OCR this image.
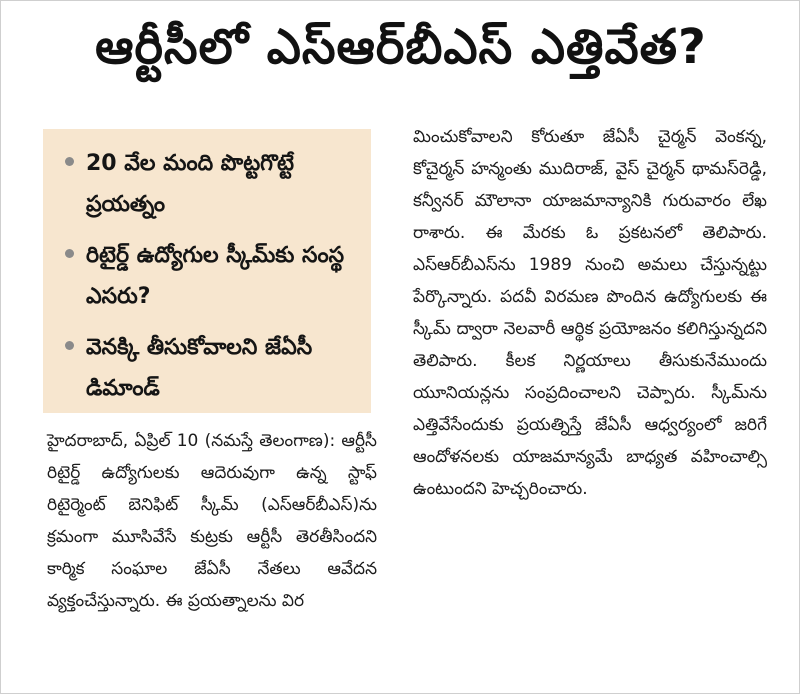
ఆర్టీసీలో ఎస్ఆర్‌బీఎస్ ఎత్తివేత?
20 వేల మంది పొట్టగొట్టే ప్రయత్నం
రిటైర్డ్ ఉద్యోగుల స్కీమ్‌కు సంస్థ ఎసరు?
వెనక్కి తీసుకోవాలని జేఏసీ డిమాండ్
హైదరాబాద్, ఏప్రిల్ 10 (నమస్తే తెలంగాణ): ఆర్టీసీ రిటైర్డ్ ఉద్యోగులకు ఆదెరువుగా ఉన్న స్టాఫ్ రిటైర్మెంట్ బెనిఫిట్ స్కీమ్ (ఎస్ఆర్‌బీఎస్)ను క్రమంగా మూసివేసే కుట్రకు ఆర్టీసీ తెరతీసిందని కార్మిక సంఘాల జేఏసీ నేతలు ఆవేదన వ్యక్తంచేస్తున్నారు. ఈ ప్రయత్నాలను విర
మించుకోవాలని కోరుతూ జేఏసీ చైర్మన్ వెంకన్న, కోచైర్మన్ హన్మంతు ముదిరాజ్, వైస్ చైర్మన్ థామస్‌రెడ్డి, కన్వీనర్ మౌలానా యాజమాన్యానికి గురువారం లేఖ రాశారు. ఈ మేరకు ఓ ప్రకటనలో తెలిపారు. ఎస్ఆర్‌బీఎస్‌ను 1989 నుంచి అమలు చేస్తున్నట్టు పేర్కొన్నారు. పదవీ విరమణ పొందిన ఉద్యోగులకు ఈ స్కీమ్ ద్వారా నెలవారీ ఆర్థిక ప్రయోజనం కలిగిస్తున్నదని తెలిపారు. కీలక నిర్ణయాలు తీసుకునేముందు యూనియన్లను సంప్రదించాలని చెప్పారు. స్కీమ్‌ను ఎత్తివేసేందుకు ప్రయత్నిస్తే జేఏసీ ఆధ్వర్యంలో జరిగే ఆందోళనలకు యాజమాన్యమే బాధ్యత వహించాల్సి ఉంటుందని హెచ్చరించారు.
